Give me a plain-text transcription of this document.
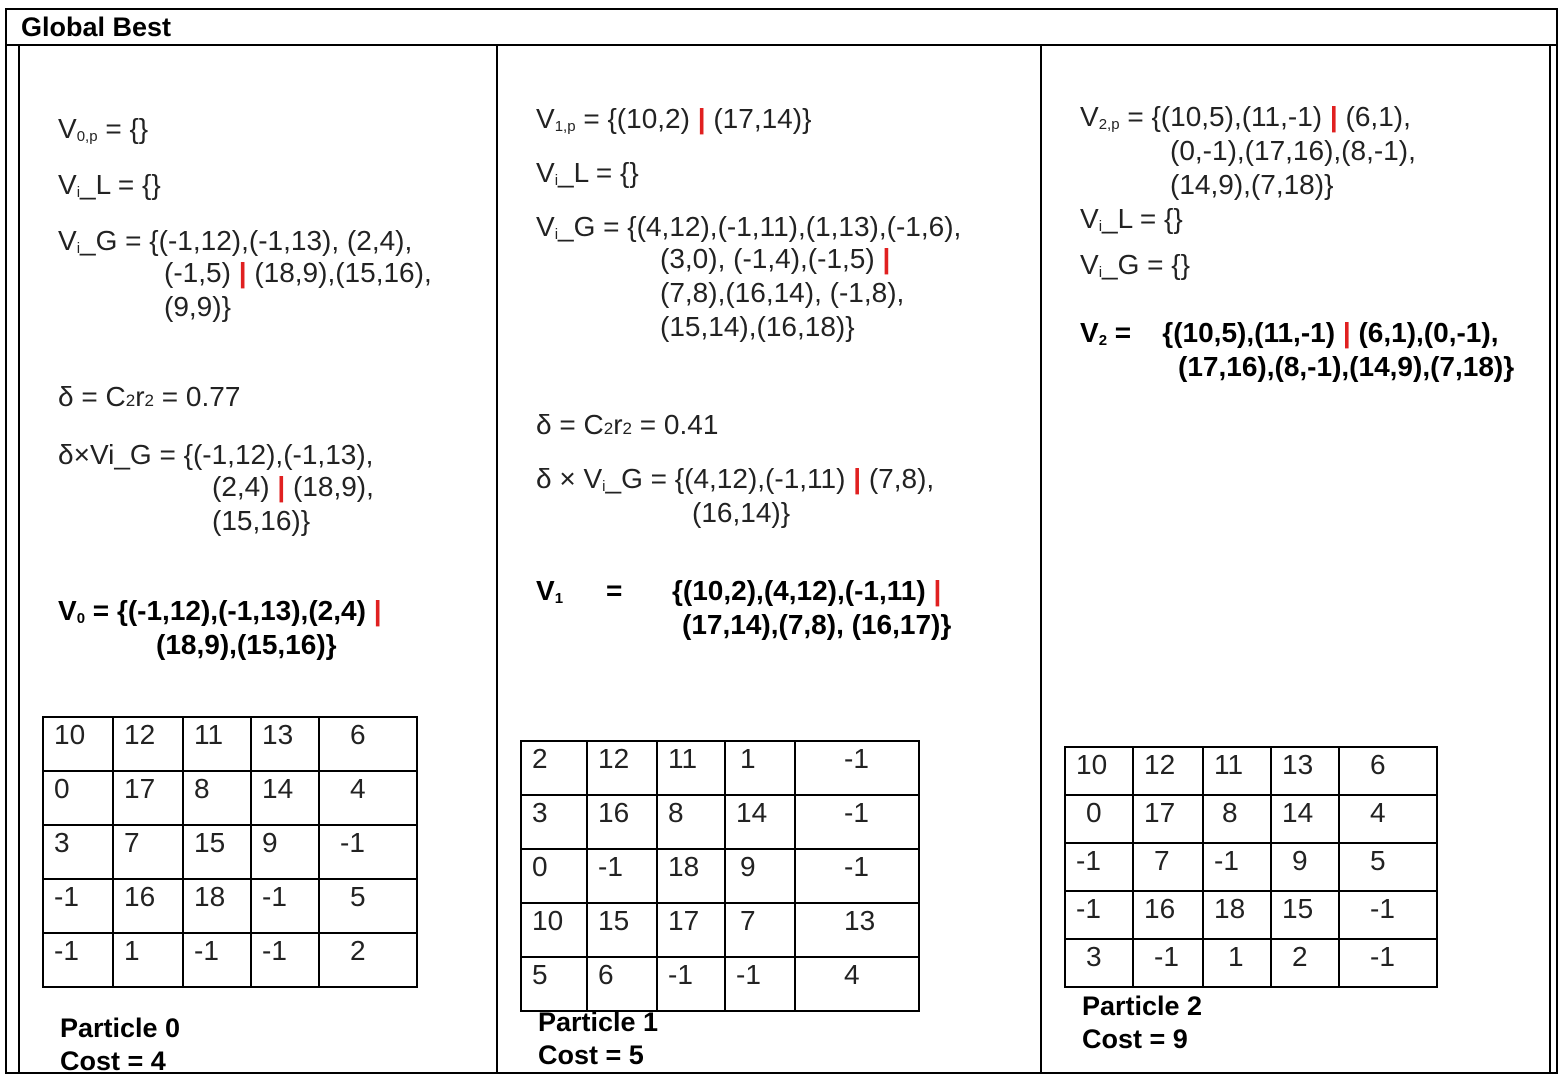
Global Best
$V_{0,p}$ = {}
$V_i\_L$ = {}
$V_i\_G = \{(-1,12),(-1,13)$, (2,4),
(-1,5) | (18,9),(15,16),
(9,9)}
δ = C2r2 = 0.77
δ×Vi_G = {(-1,12),(-1,13),
(2,4) | (18,9),
(15,16)}
$V_0 = \{(-1,12),(-1,13),(2,4)$ |
(18,9),(15,16)}
10	12	11	13	6
0	17	8	14	4
3	7	15	9	-1
-1	16	18	-1	5
-1	1	-1	-1	2
Particle 0
Cost = 4
$V_{1,p} = \{(10,2)$ | (17,14)}
$V_i\_L$ = {}
$V_i\_G = \{(4,12),(-1,11),(1,13),(-1,6)$,
(3,0), (-1,4),(-1,5) |
(7,8),(16,14), (-1,8),
(15,14),(16,18)}
δ = C2r2 = 0.41
$\delta \times V_i\_G = \{(4,12),(-1,11)$ | (7,8),
(16,14)}
$V_1 = \{(10,2),(4,12),(-1,11)$ |
(17,14),(7,8), (16,17)}
2	12	11	1	-1
3	16	8	14	-1
0	-1	18	9	-1
10	15	17	7	13
5	6	-1	-1	4
Particle 1
Cost = 5
$V_{2,p} = \{(10,5),(11,-1)$ | (6,1),
(0,-1),(17,16),(8,-1),
(14,9),(7,18)}
$V_i\_L$ = {}
$V_i\_G$ = {}
$V_2 = \{(10,5),(11,-1)$ | (6,1),(0,-1),
(17,16),(8,-1),(14,9),(7,18)}
10	12	11	13	6
0	17	8	14	4
-1	7	-1	9	5
-1	16	18	15	-1
3	-1	1	2	-1
Particle 2
Cost = 9
